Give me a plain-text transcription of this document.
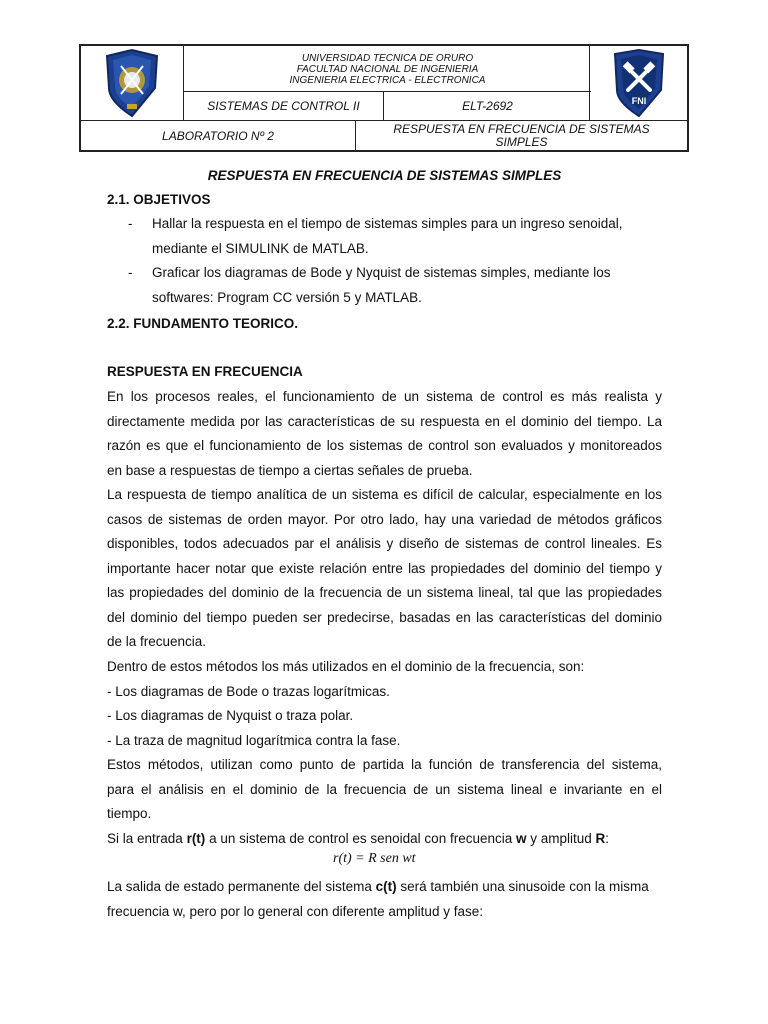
UNIVERSIDAD TECNICA DE ORURO
FACULTAD NACIONAL DE INGENIERIA
INGENIERIA ELECTRICA - ELECTRONICA
SISTEMAS DE CONTROL II	ELT-2692	FNI
LABORATORIO Nº 2	RESPUESTA EN FRECUENCIA DE SISTEMAS
SIMPLES
RESPUESTA EN FRECUENCIA DE SISTEMAS SIMPLES
2.1. OBJETIVOS
- Hallar la respuesta en el tiempo de sistemas simples para un ingreso senoidal,
mediante el SIMULINK de MATLAB.
- Graficar los diagramas de Bode y Nyquist de sistemas simples, mediante los
softwares: Program CC versión 5 y MATLAB.
2.2. FUNDAMENTO TEORICO.
RESPUESTA EN FRECUENCIA
En los procesos reales, el funcionamiento de un sistema de control es más realista y
directamente medida por las características de su respuesta en el dominio del tiempo. La
razón es que el funcionamiento de los sistemas de control son evaluados y monitoreados
en base a respuestas de tiempo a ciertas señales de prueba.
La respuesta de tiempo analítica de un sistema es difícil de calcular, especialmente en los
casos de sistemas de orden mayor. Por otro lado, hay una variedad de métodos gráficos
disponibles, todos adecuados par el análisis y diseño de sistemas de control lineales. Es
importante hacer notar que existe relación entre las propiedades del dominio del tiempo y
las propiedades del dominio de la frecuencia de un sistema lineal, tal que las propiedades
del dominio del tiempo pueden ser predecirse, basadas en las características del dominio
de la frecuencia.
Dentro de estos métodos los más utilizados en el dominio de la frecuencia, son:
- Los diagramas de Bode o trazas logarítmicas.
- Los diagramas de Nyquist o traza polar.
- La traza de magnitud logarítmica contra la fase.
Estos métodos, utilizan como punto de partida la función de transferencia del sistema,
para el análisis en el dominio de la frecuencia de un sistema lineal e invariante en el
tiempo.
Si la entrada r(t) a un sistema de control es senoidal con frecuencia w y amplitud R:
r(t) = R sen wt
La salida de estado permanente del sistema c(t) será también una sinusoide con la misma
frecuencia w, pero por lo general con diferente amplitud y fase:
